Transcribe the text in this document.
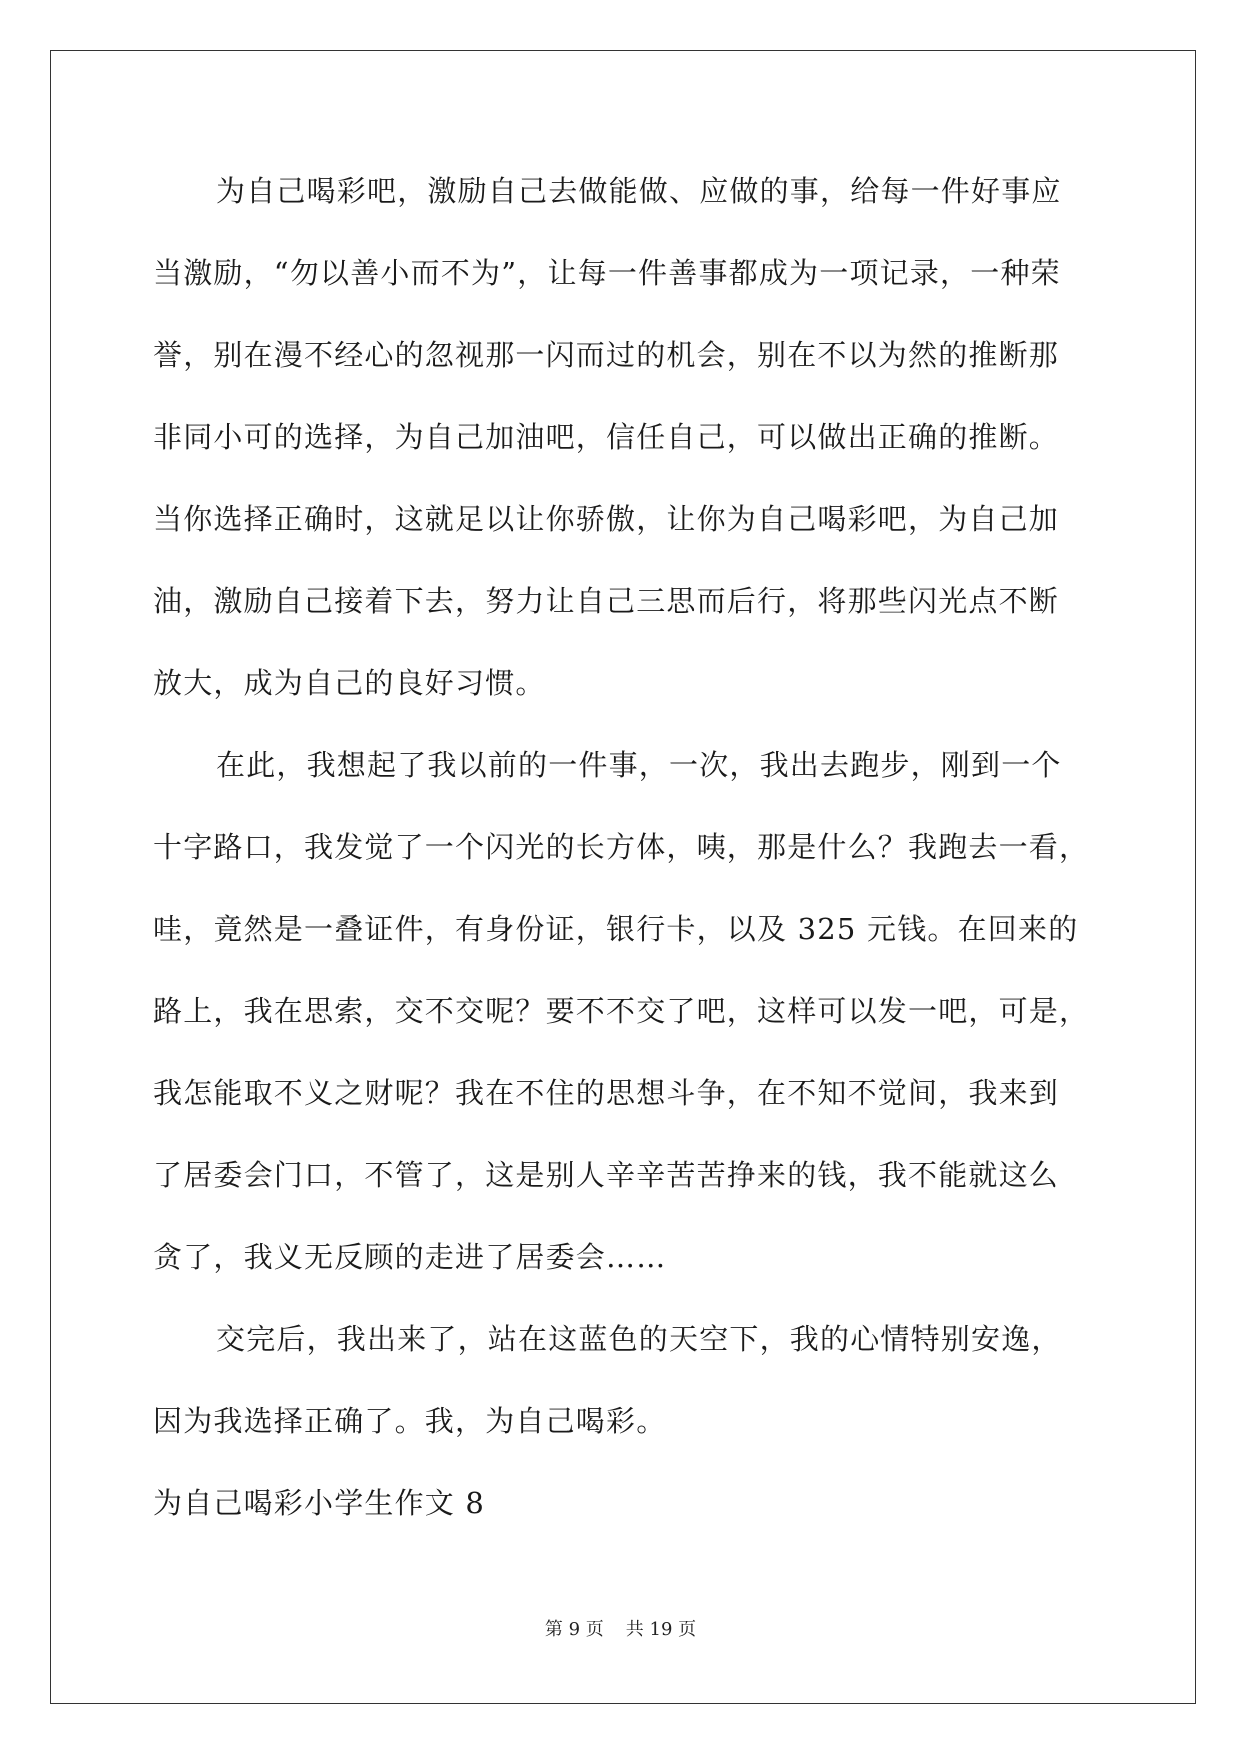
为自己喝彩吧，激励自己去做能做、应做的事，给每一件好事应
当激励，“勿以善小而不为”，让每一件善事都成为一项记录，一种荣
誉，别在漫不经心的忽视那一闪而过的机会，别在不以为然的推断那
非同小可的选择，为自己加油吧，信任自己，可以做出正确的推断。
当你选择正确时，这就足以让你骄傲，让你为自己喝彩吧，为自己加
油，激励自己接着下去，努力让自己三思而后行，将那些闪光点不断
放大，成为自己的良好习惯。
在此，我想起了我以前的一件事，一次，我出去跑步，刚到一个
十字路口，我发觉了一个闪光的长方体，咦，那是什么？我跑去一看，
哇，竟然是一叠证件，有身份证，银行卡，以及 325 元钱。在回来的
路上，我在思索，交不交呢？要不不交了吧，这样可以发一吧，可是，
我怎能取不义之财呢？我在不住的思想斗争，在不知不觉间，我来到
了居委会门口，不管了，这是别人辛辛苦苦挣来的钱，我不能就这么
贪了，我义无反顾的走进了居委会……
交完后，我出来了，站在这蓝色的天空下，我的心情特别安逸，
因为我选择正确了。我，为自己喝彩。
为自己喝彩小学生作文 8
第 9 页 共 19 页
